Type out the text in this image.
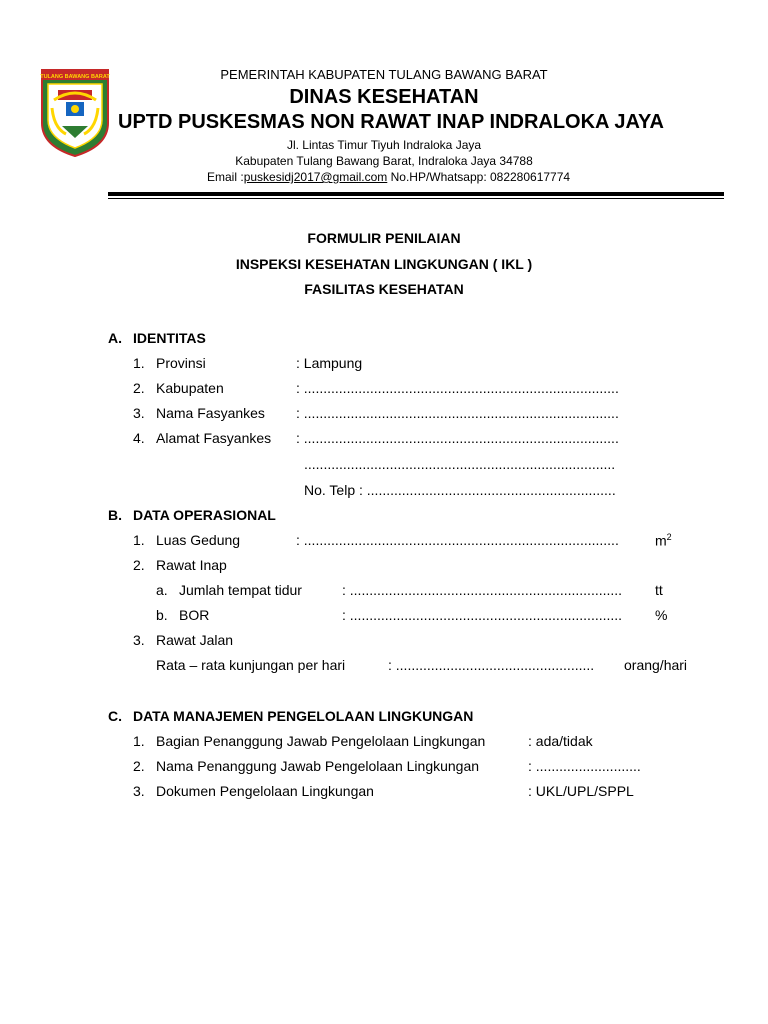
TULANG BAWANG BARAT	PEMERINTAH KABUPATEN TULANG BAWANG BARAT
DINAS KESEHATAN
UPTD PUSKESMAS NON RAWAT INAP INDRALOKA JAYA
Jl. Lintas Timur Tiyuh Indraloka Jaya
Kabupaten Tulang Bawang Barat, Indraloka Jaya 34788
Email :puskesidj2017@gmail.com No.HP/Whatsapp: 082280617774
FORMULIR PENILAIAN
INSPEKSI KESEHATAN LINGKUNGAN ( IKL )
FASILITAS KESEHATAN
A. IDENTITAS
1. Provinsi	: Lampung
2. Kabupaten	: .................................................................................
3. Nama Fasyankes : .................................................................................
4. Alamat Fasyankes : .................................................................................
................................................................................
No. Telp : ................................................................
B. DATA OPERASIONAL
1. Luas Gedung	: .................................................................................	$m^2$
2. Rawat Inap
a. Jumlah tempat tidur	: ...................................................................... tt
b. BOR	: ...................................................................... %
3. Rawat Jalan
Rata – rata kunjungan per hari	: ................................................... orang/hari
C. DATA MANAJEMEN PENGELOLAAN LINGKUNGAN
1. Bagian Penanggung Jawab Pengelolaan Lingkungan	: ada/tidak
2. Nama Penanggung Jawab Pengelolaan Lingkungan	: ...........................
3. Dokumen Pengelolaan Lingkungan	: UKL/UPL/SPPL
